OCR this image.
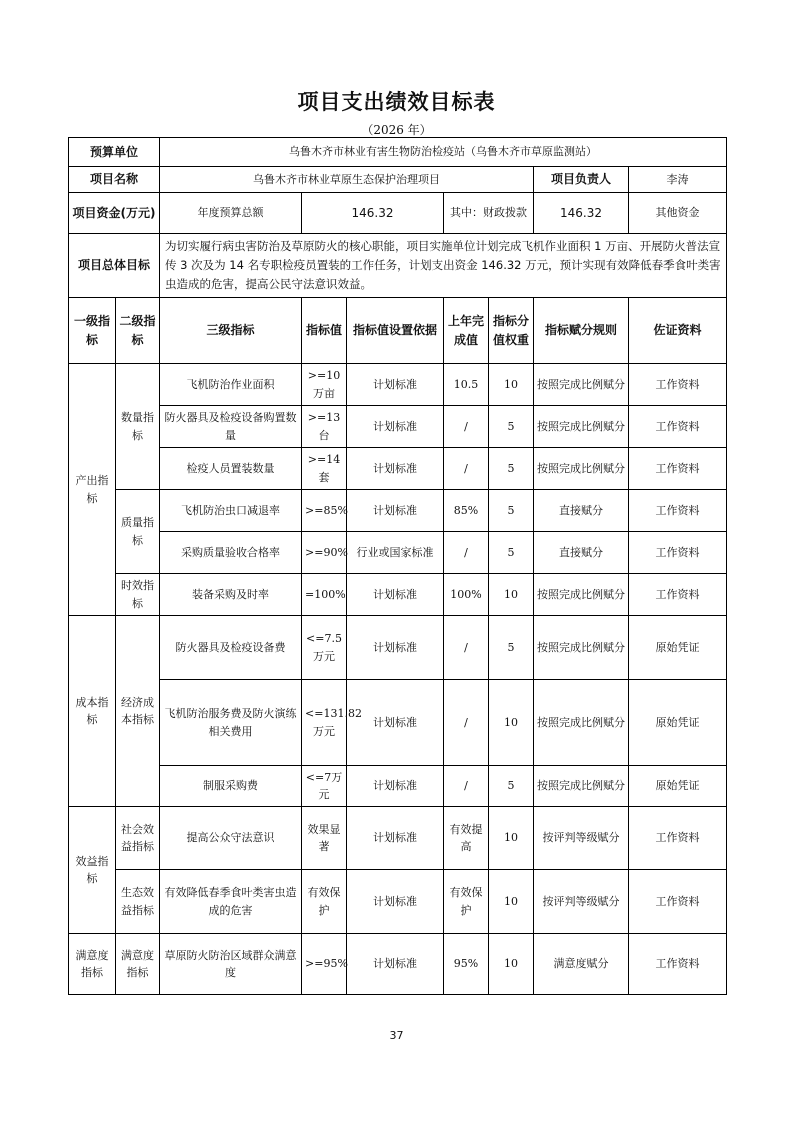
项目支出绩效目标表
（2026 年）
预算单位		乌鲁木齐市林业有害生物防治检疫站（乌鲁木齐市草原监测站）							
项目名称		乌鲁木齐市林业草原生态保护治理项目					项目负责人	李涛	
项目资金(万元)		年度预算总额	146.32		其中：财政拨款		146.32	其他资金	
项目总体目标		为切实履行病虫害防治及草原防火的核心职能，项目实施单位计划完成飞机作业面积 1 万亩、开展防火普法宣传 3 次及为 14 名专职检疫员置装的工作任务，计划支出资金 146.32 万元，预计实现有效降低春季食叶类害虫造成的危害，提高公民守法意识效益。							
一级指标	二级指标	三级指标	指标值	指标值设置依据	上年完成值	指标分值权重	指标赋分规则	佐证资料	
产出指标	数量指标	飞机防治作业面积	>=10万亩	计划标准	10.5	10	按照完成比例赋分	工作资料	
		防火器具及检疫设备购置数量	>=13台	计划标准	/	5	按照完成比例赋分	工作资料	
		检疫人员置装数量	>=14套	计划标准	/	5	按照完成比例赋分	工作资料	
	质量指标	飞机防治虫口减退率	>=85%	计划标准	85%	5	直接赋分	工作资料	
		采购质量验收合格率	>=90%	行业或国家标准	/	5	直接赋分	工作资料	
	时效指标	装备采购及时率	=100%	计划标准	100%	10	按照完成比例赋分	工作资料	
成本指标	经济成本指标	防火器具及检疫设备费	<=7.5万元	计划标准	/	5	按照完成比例赋分	原始凭证	
		飞机防治服务费及防火演练相关费用	<=131.82万元	计划标准	/	10	按照完成比例赋分	原始凭证	
		制服采购费	<=7万元	计划标准	/	5	按照完成比例赋分	原始凭证	
效益指标	社会效益指标	提高公众守法意识	效果显著	计划标准	有效提高	10	按评判等级赋分	工作资料	
	生态效益指标	有效降低春季食叶类害虫造成的危害	有效保护	计划标准	有效保护	10	按评判等级赋分	工作资料	
满意度指标	满意度指标	草原防火防治区域群众满意度	>=95%	计划标准	95%	10	满意度赋分	工作资料	
37
